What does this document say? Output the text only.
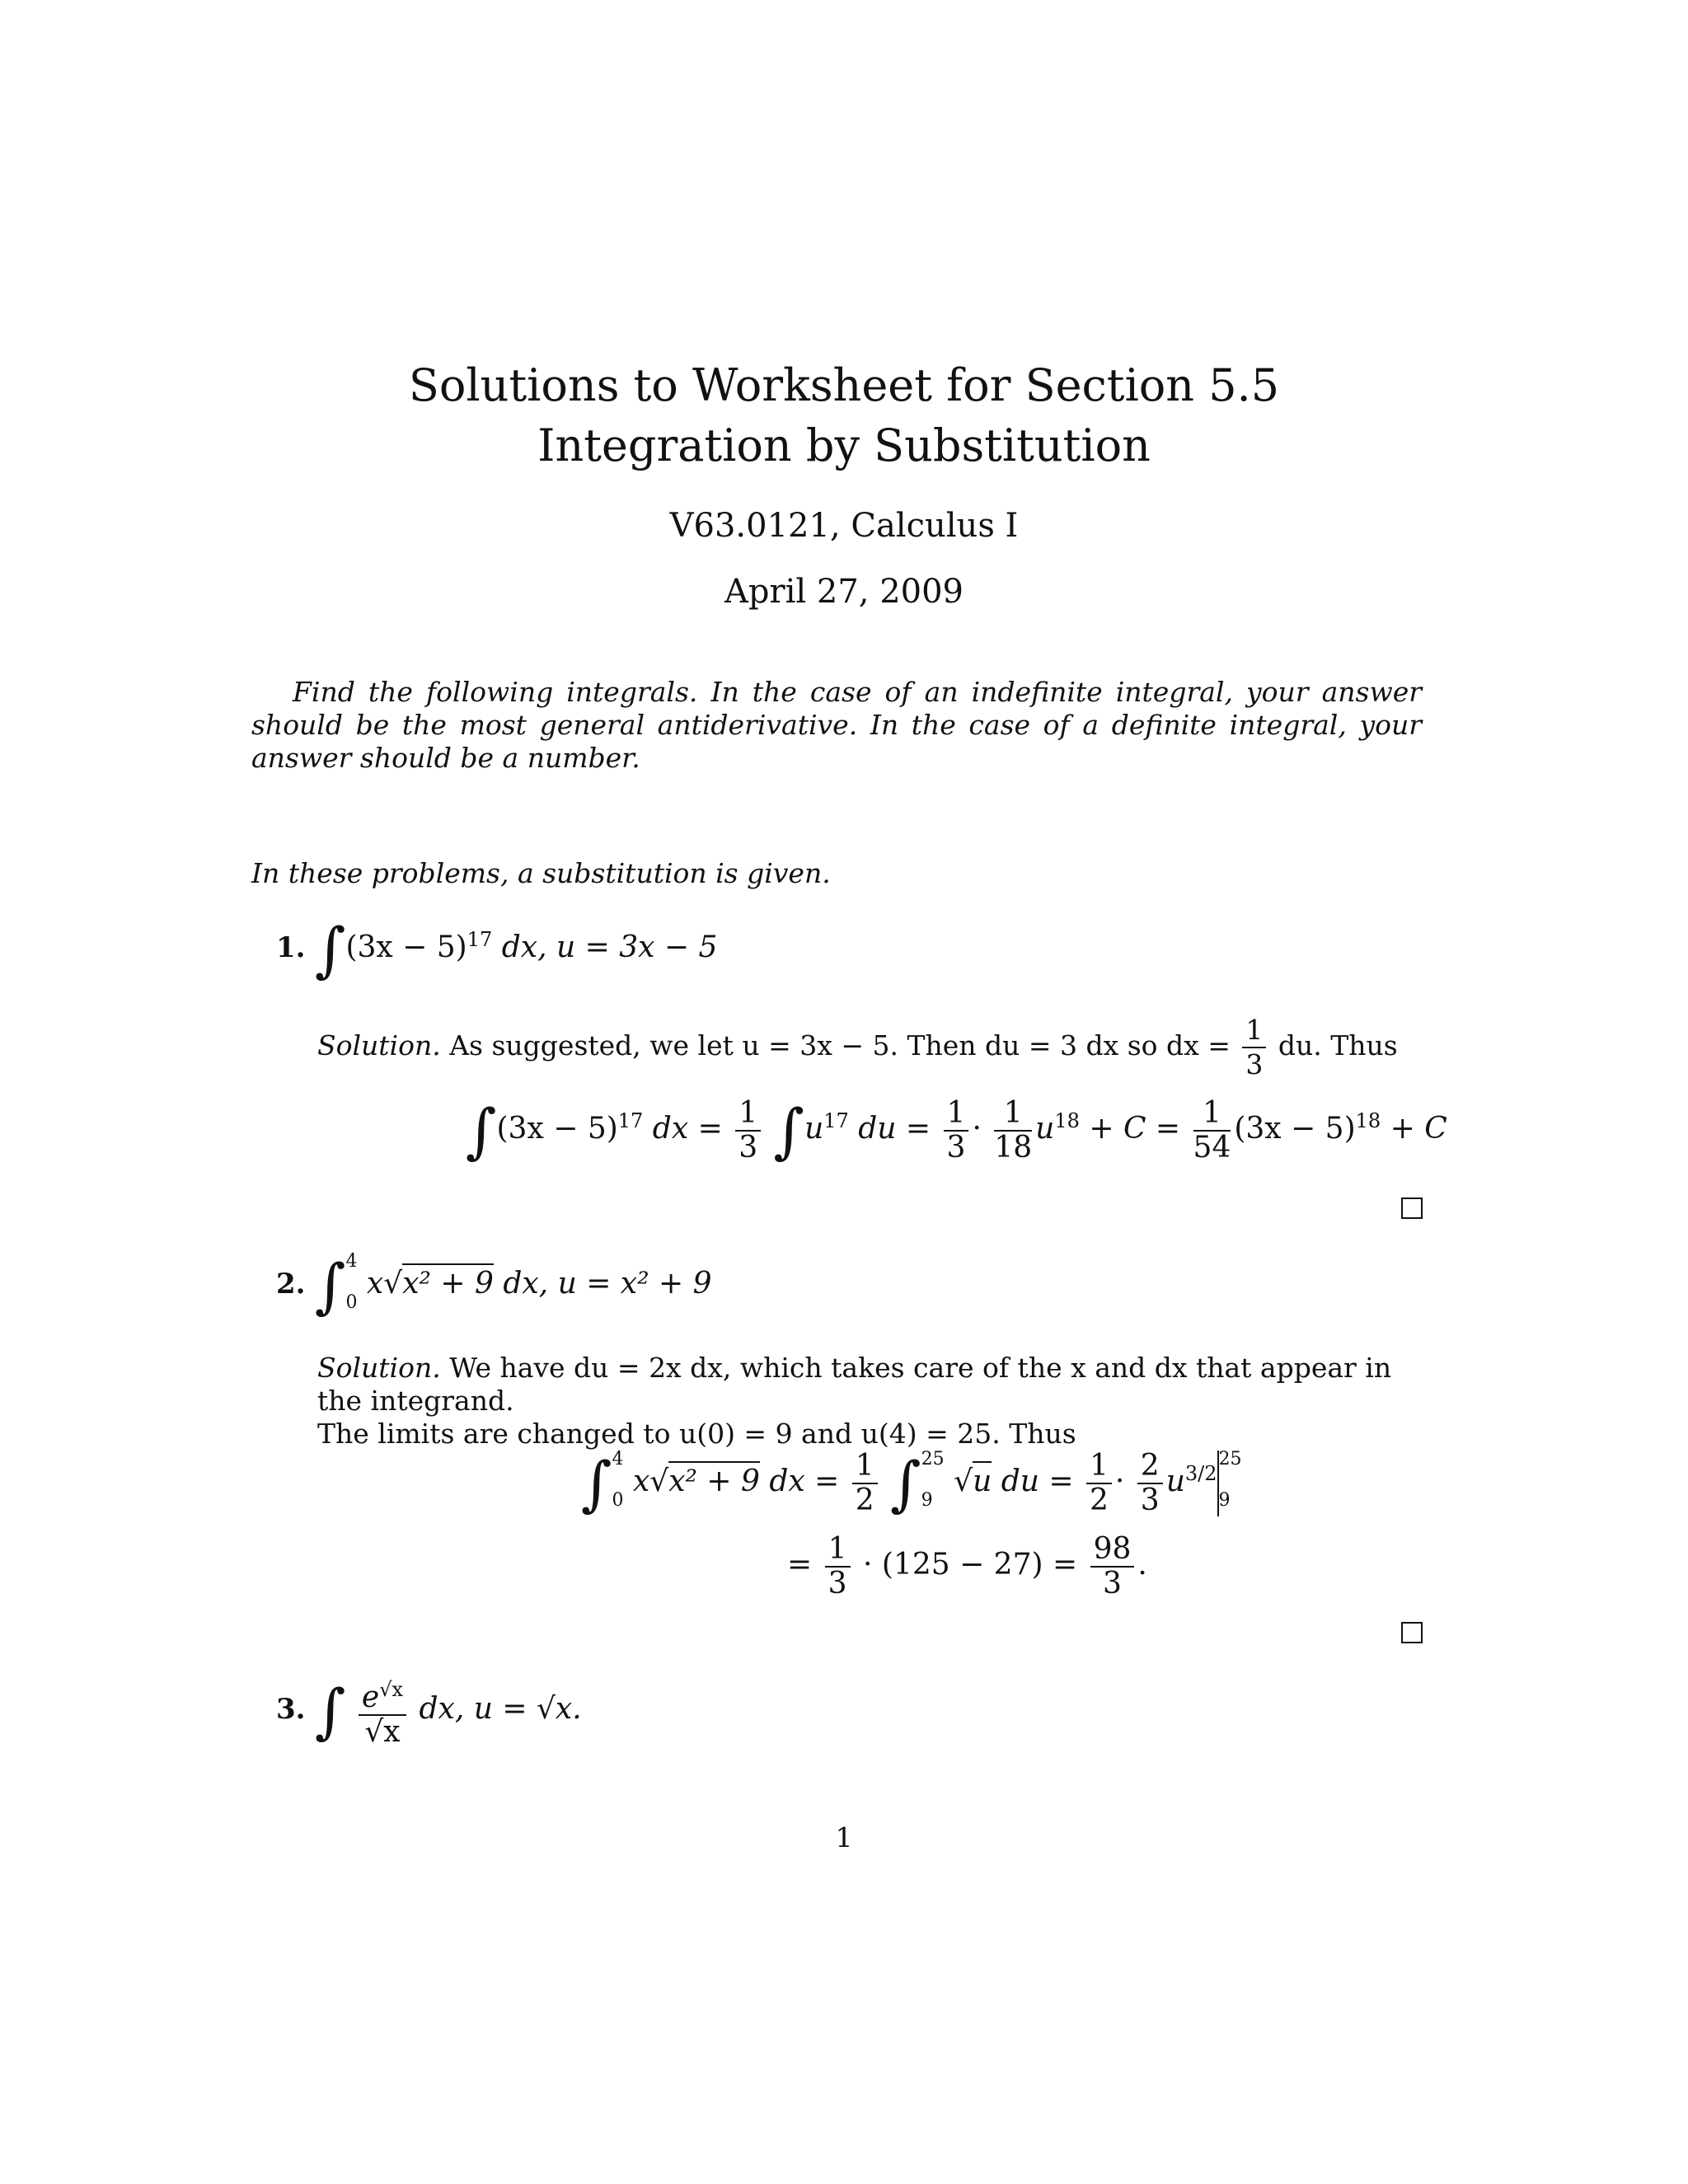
Solutions to Worksheet for Section 5.5
Integration by Substitution
V63.0121, Calculus I
April 27, 2009
Find the following integrals. In the case of an indefinite integral, your answer should be the most general antiderivative. In the case of a definite integral, your answer should be a number.
In these problems, a substitution is given.
1. $\int(3x - 5)^{17}$ dx, u = 3x − 5
Solution. As suggested, we let u = 3x − 5. Then du = 3 dx so dx = $\frac{1}{3}$ du. Thus
$\int(3x - 5)^{17}$ dx = $\frac{1}{3} \int u^{17}$ du = $\frac{1}{3} \cdot \frac{1}{18} u^{18} + C = \frac{1}{54} (3x - 5)^{18} + C$
2. ∫ 4
0
x√x² + 9 dx, u = x² + 9
Solution. We have du = 2x dx, which takes care of the x and dx that appear in the integrand.
The limits are changed to u(0) = 9 and u(4) = 25. Thus
∫ 4
0
x√x² + 9 dx = $\frac{1}{2}$ ∫ 25
9
√u du = $\frac{1}{2} \cdot \frac{2}{3} u^{3/2}$
25
9
= $\frac{1}{3} \cdot (125 - 27) = \frac{98}{3}$ .
3. ∫ $\frac{e^{√x}}{√x}$ dx, u = √x.
1
